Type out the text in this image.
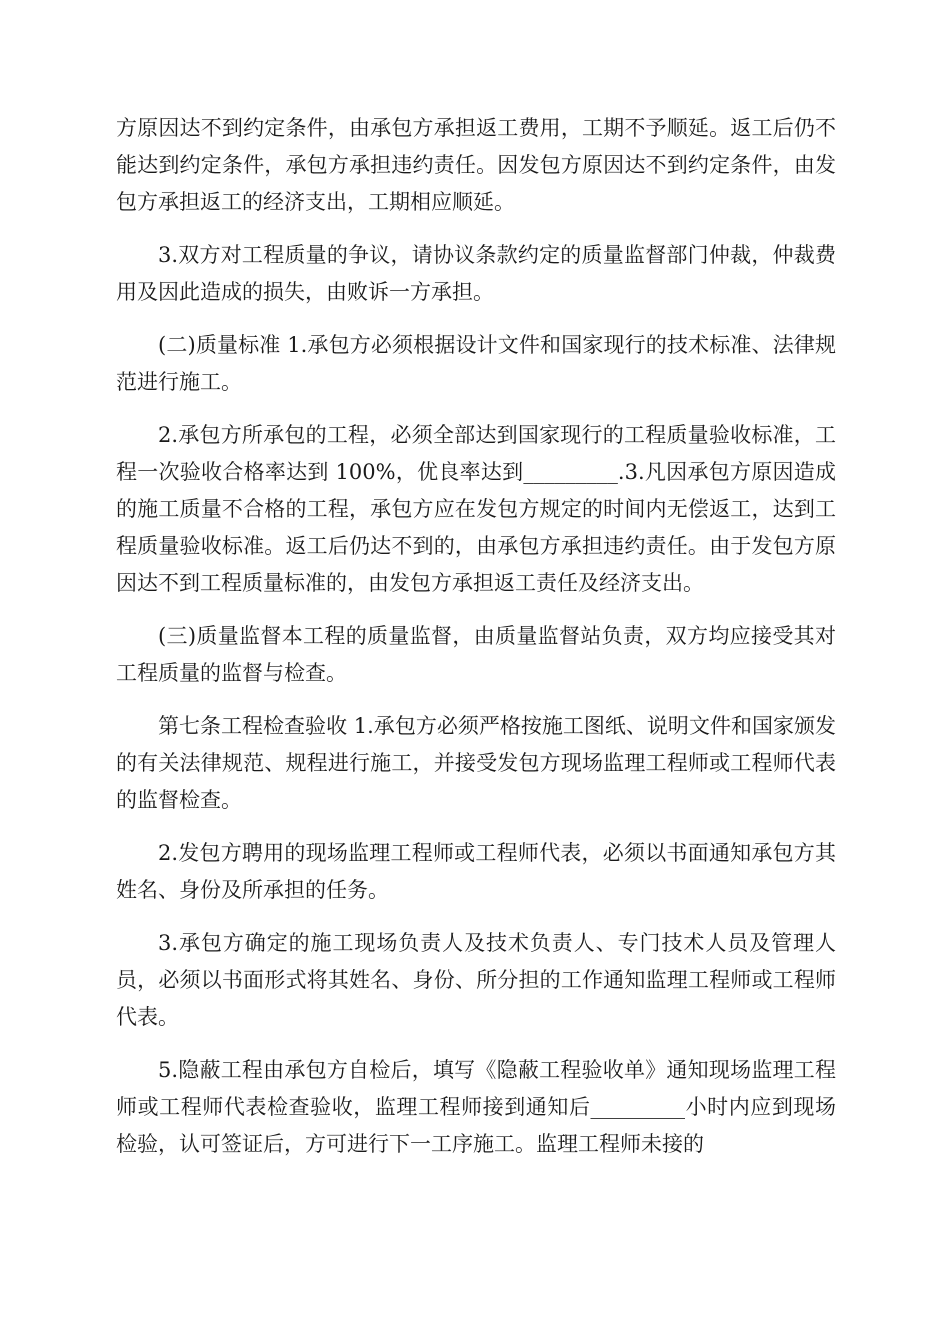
方原因达不到约定条件，由承包方承担返工费用，工期不予顺延。返工后仍不能达到约定条件，承包方承担违约责任。因发包方原因达不到约定条件，由发包方承担返工的经济支出，工期相应顺延。

3.双方对工程质量的争议，请协议条款约定的质量监督部门仲裁，仲裁费用及因此造成的损失，由败诉一方承担。

(二)质量标准 1.承包方必须根据设计文件和国家现行的技术标准、法律规范进行施工。

2.承包方所承包的工程，必须全部达到国家现行的工程质量验收标准，工程一次验收合格率达到 100%，优良率达到_________.3.凡因承包方原因造成的施工质量不合格的工程，承包方应在发包方规定的时间内无偿返工，达到工程质量验收标准。返工后仍达不到的，由承包方承担违约责任。由于发包方原因达不到工程质量标准的，由发包方承担返工责任及经济支出。

(三)质量监督本工程的质量监督，由质量监督站负责，双方均应接受其对工程质量的监督与检查。

第七条工程检查验收 1.承包方必须严格按施工图纸、说明文件和国家颁发的有关法律规范、规程进行施工，并接受发包方现场监理工程师或工程师代表的监督检查。

2.发包方聘用的现场监理工程师或工程师代表，必须以书面通知承包方其姓名、身份及所承担的任务。

3.承包方确定的施工现场负责人及技术负责人、专门技术人员及管理人员，必须以书面形式将其姓名、身份、所分担的工作通知监理工程师或工程师代表。

5.隐蔽工程由承包方自检后，填写《隐蔽工程验收单》通知现场监理工程师或工程师代表检查验收，监理工程师接到通知后_________小时内应到现场检验，认可签证后，方可进行下一工序施工。监理工程师未接的
